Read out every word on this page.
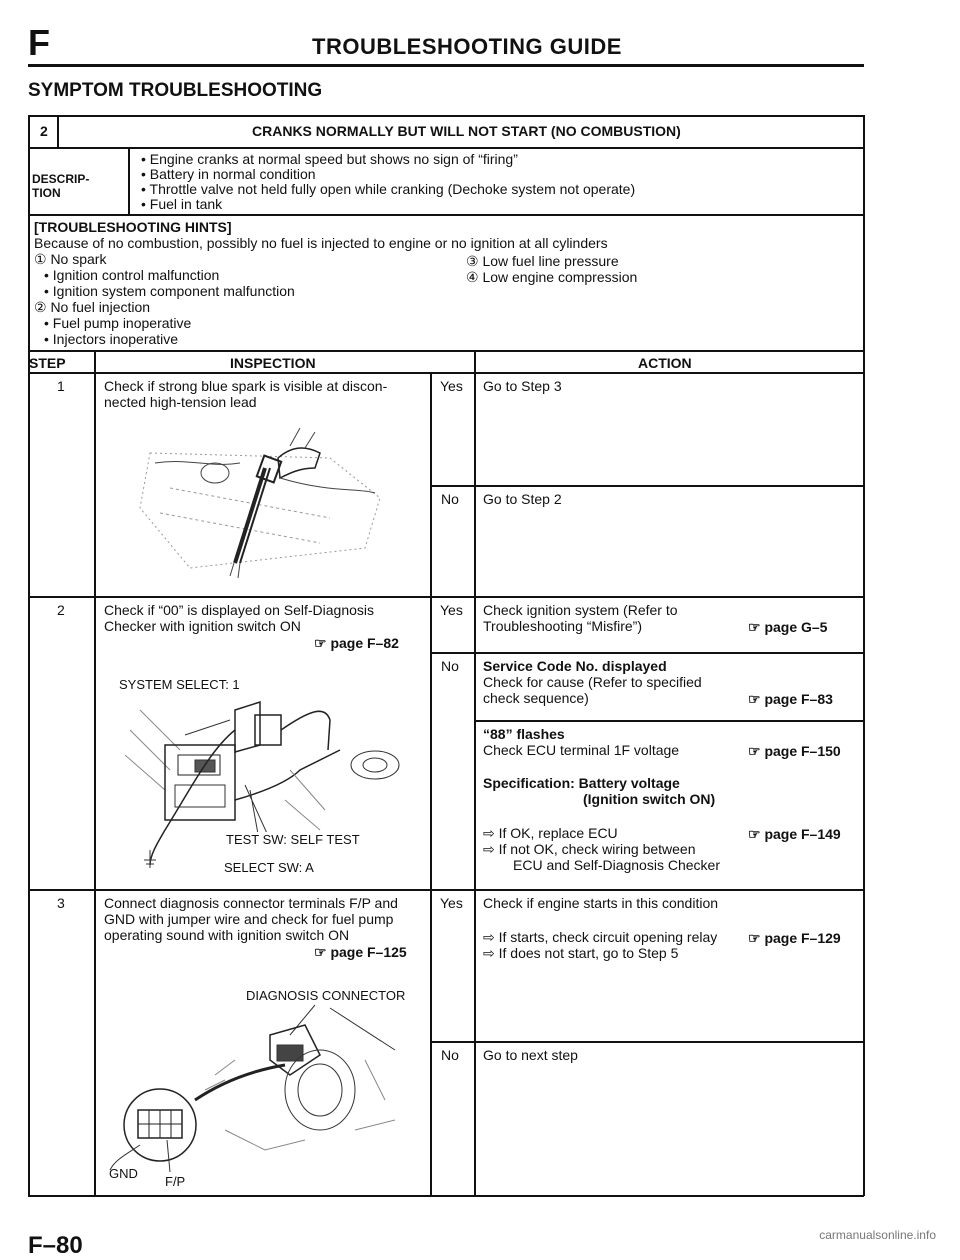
F	TROUBLESHOOTING GUIDE
SYMPTOM TROUBLESHOOTING
2	CRANKS NORMALLY BUT WILL NOT START (NO COMBUSTION)
DESCRIP-
TION
• Engine cranks at normal speed but shows no sign of “firing”
• Battery in normal condition
• Throttle valve not held fully open while cranking (Dechoke system not operate)
• Fuel in tank
[TROUBLESHOOTING HINTS]
Because of no combustion, possibly no fuel is injected to engine or no ignition at all cylinders
① No spark
• Ignition control malfunction
• Ignition system component malfunction
② No fuel injection
• Fuel pump inoperative
• Injectors inoperative
③ Low fuel line pressure
④ Low engine compression
STEP	INSPECTION	ACTION
1	Check if strong blue spark is visible at discon-
nected high-tension lead
Yes Go to Step 3
No Go to Step 2
2	Check if “00” is displayed on Self-Diagnosis
Checker with ignition switch ON
☞ page F–82
SYSTEM SELECT: 1
TEST SW: SELF TEST
SELECT SW: A
Yes Check ignition system (Refer to
Troubleshooting “Misfire”)	☞ page G–5
No Service Code No. displayed
Check for cause (Refer to specified
check sequence)	☞ page F–83
“88” flashes
Check ECU terminal 1F voltage	☞ page F–150
Specification: Battery voltage
(Ignition switch ON)
⇨ If OK, replace ECU	☞ page F–149
⇨ If not OK, check wiring between
ECU and Self-Diagnosis Checker
3	Connect diagnosis connector terminals F/P and
GND with jumper wire and check for fuel pump
operating sound with ignition switch ON
☞ page F–125
DIAGNOSIS CONNECTOR
GND
F/P
Yes Check if engine starts in this condition
⇨ If starts, check circuit opening relay ☞ page F–129
⇨ If does not start, go to Step 5
No Go to next step
F–80	carmanualsonline.info
